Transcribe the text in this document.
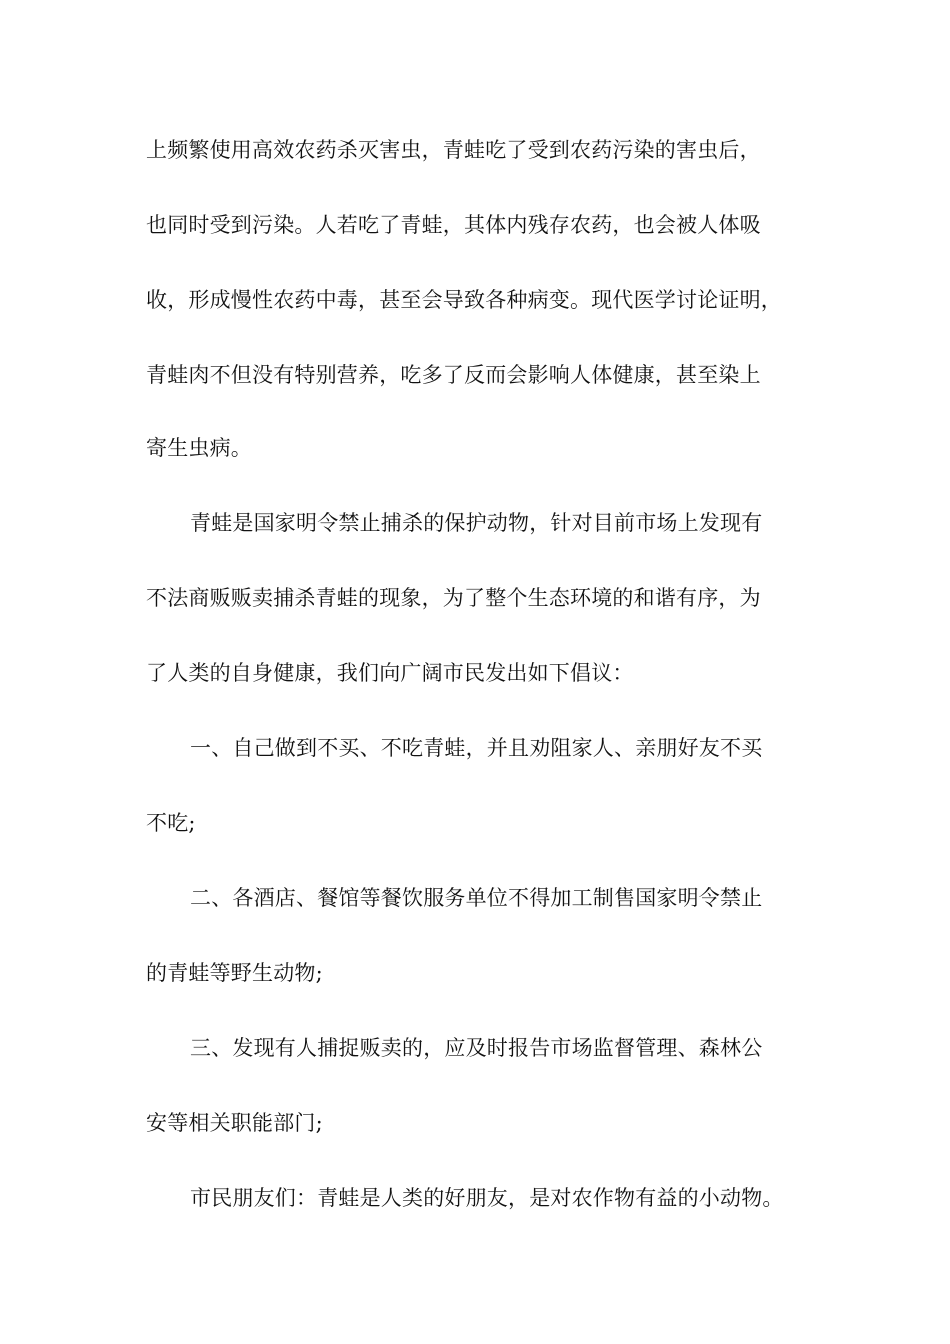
上频繁使用高效农药杀灭害虫，青蛙吃了受到农药污染的害虫后，
也同时受到污染。人若吃了青蛙，其体内残存农药，也会被人体吸
收，形成慢性农药中毒，甚至会导致各种病变。现代医学讨论证明，
青蛙肉不但没有特别营养，吃多了反而会影响人体健康，甚至染上
寄生虫病。
青蛙是国家明令禁止捕杀的保护动物，针对目前市场上发现有
不法商贩贩卖捕杀青蛙的现象，为了整个生态环境的和谐有序，为
了人类的自身健康，我们向广阔市民发出如下倡议：
一、自己做到不买、不吃青蛙，并且劝阻家人、亲朋好友不买
不吃;
二、各酒店、餐馆等餐饮服务单位不得加工制售国家明令禁止
的青蛙等野生动物;
三、发现有人捕捉贩卖的，应及时报告市场监督管理、森林公
安等相关职能部门;
市民朋友们：青蛙是人类的好朋友，是对农作物有益的小动物。
